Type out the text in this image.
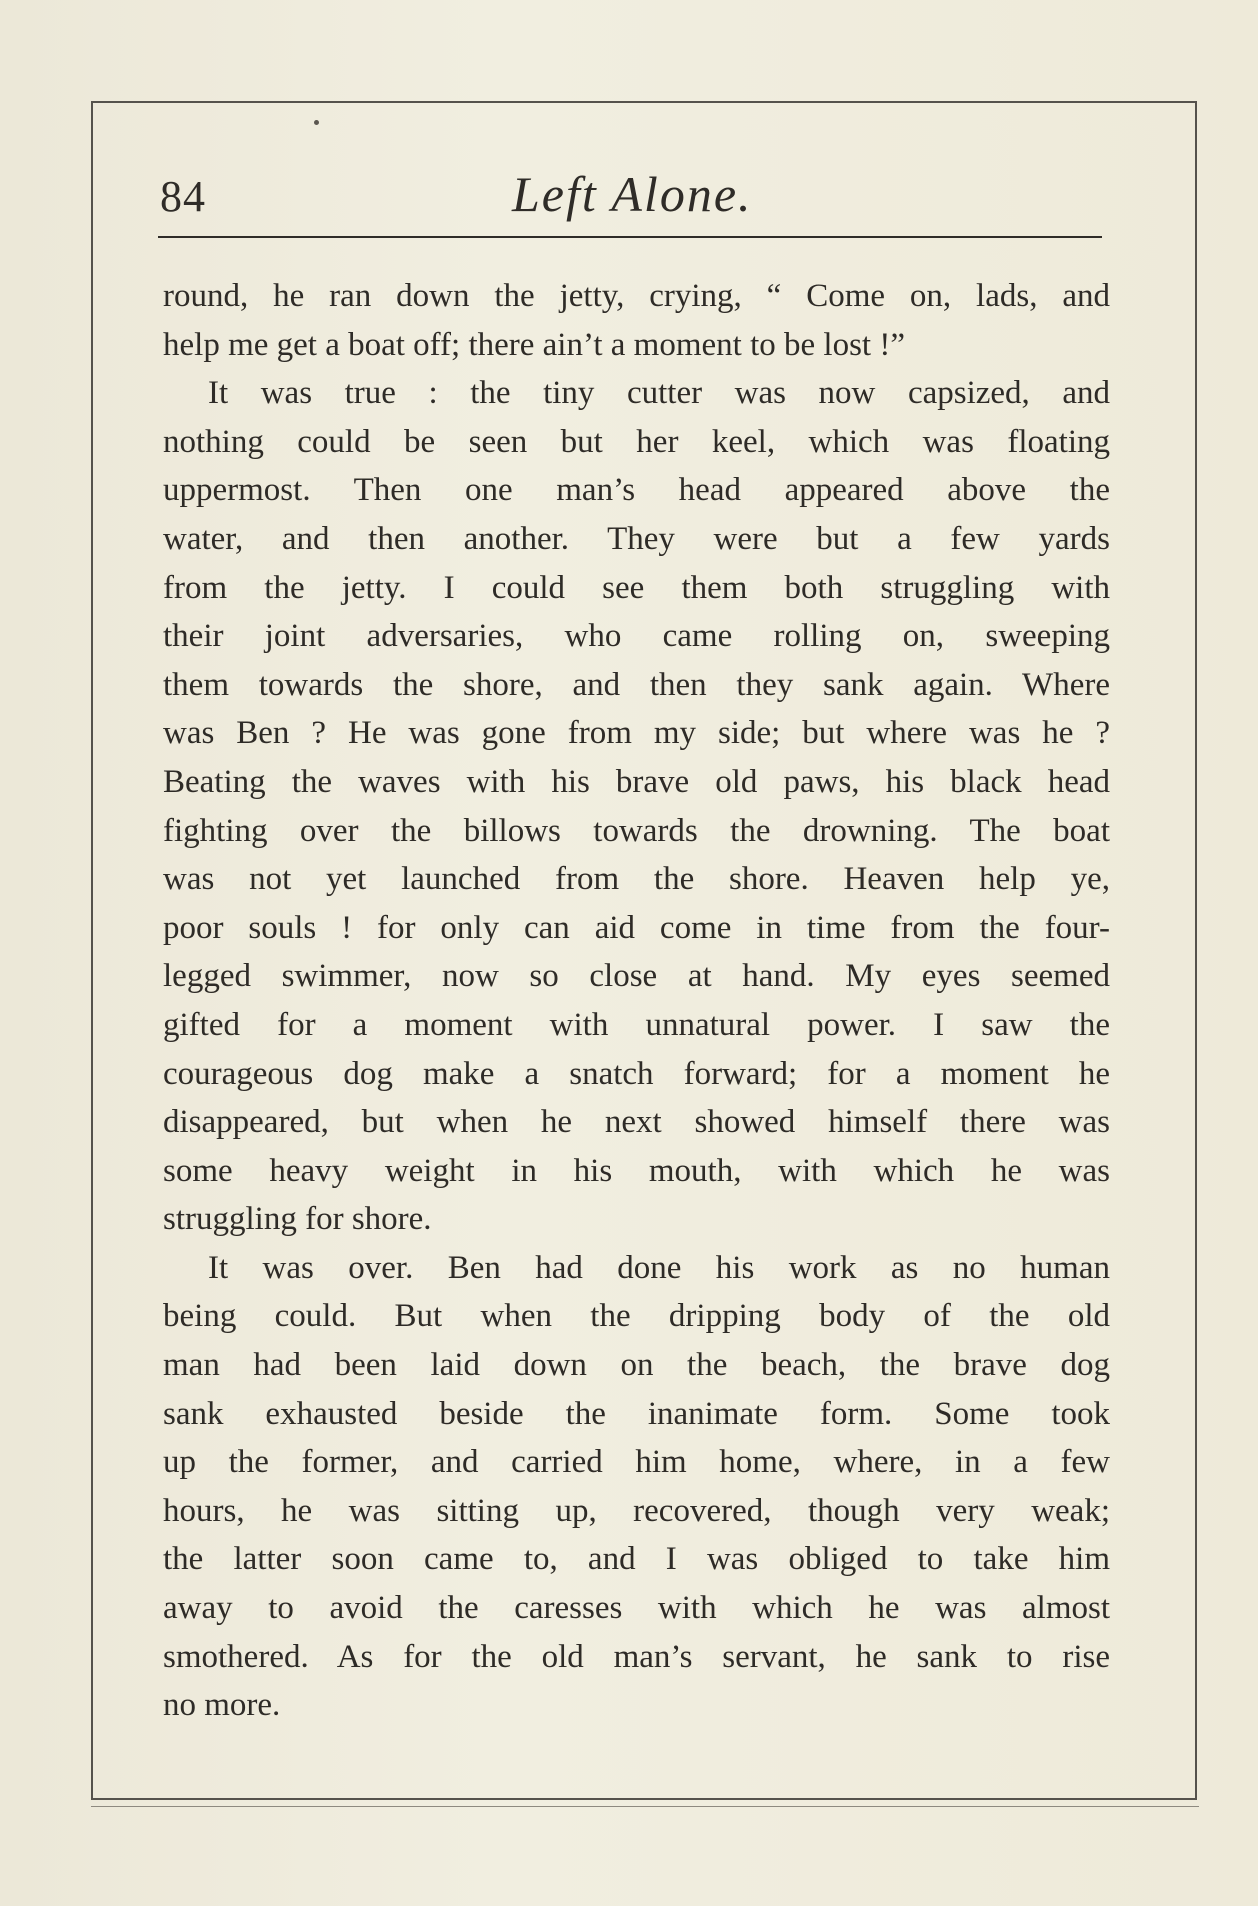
84	Left Alone.
round, he ran down the jetty, crying, “ Come on, lads, and
help me get a boat off; there ain’t a moment to be lost !”
It was true : the tiny cutter was now capsized, and
nothing could be seen but her keel, which was floating
uppermost. Then one man’s head appeared above the
water, and then another. They were but a few yards
from the jetty. I could see them both struggling with
their joint adversaries, who came rolling on, sweeping
them towards the shore, and then they sank again. Where
was Ben ? He was gone from my side; but where was he ?
Beating the waves with his brave old paws, his black head
fighting over the billows towards the drowning. The boat
was not yet launched from the shore. Heaven help ye,
poor souls ! for only can aid come in time from the four-
legged swimmer, now so close at hand. My eyes seemed
gifted for a moment with unnatural power. I saw the
courageous dog make a snatch forward; for a moment he
disappeared, but when he next showed himself there was
some heavy weight in his mouth, with which he was
struggling for shore.
It was over. Ben had done his work as no human
being could. But when the dripping body of the old
man had been laid down on the beach, the brave dog
sank exhausted beside the inanimate form. Some took
up the former, and carried him home, where, in a few
hours, he was sitting up, recovered, though very weak;
the latter soon came to, and I was obliged to take him
away to avoid the caresses with which he was almost
smothered. As for the old man’s servant, he sank to rise
no more.
